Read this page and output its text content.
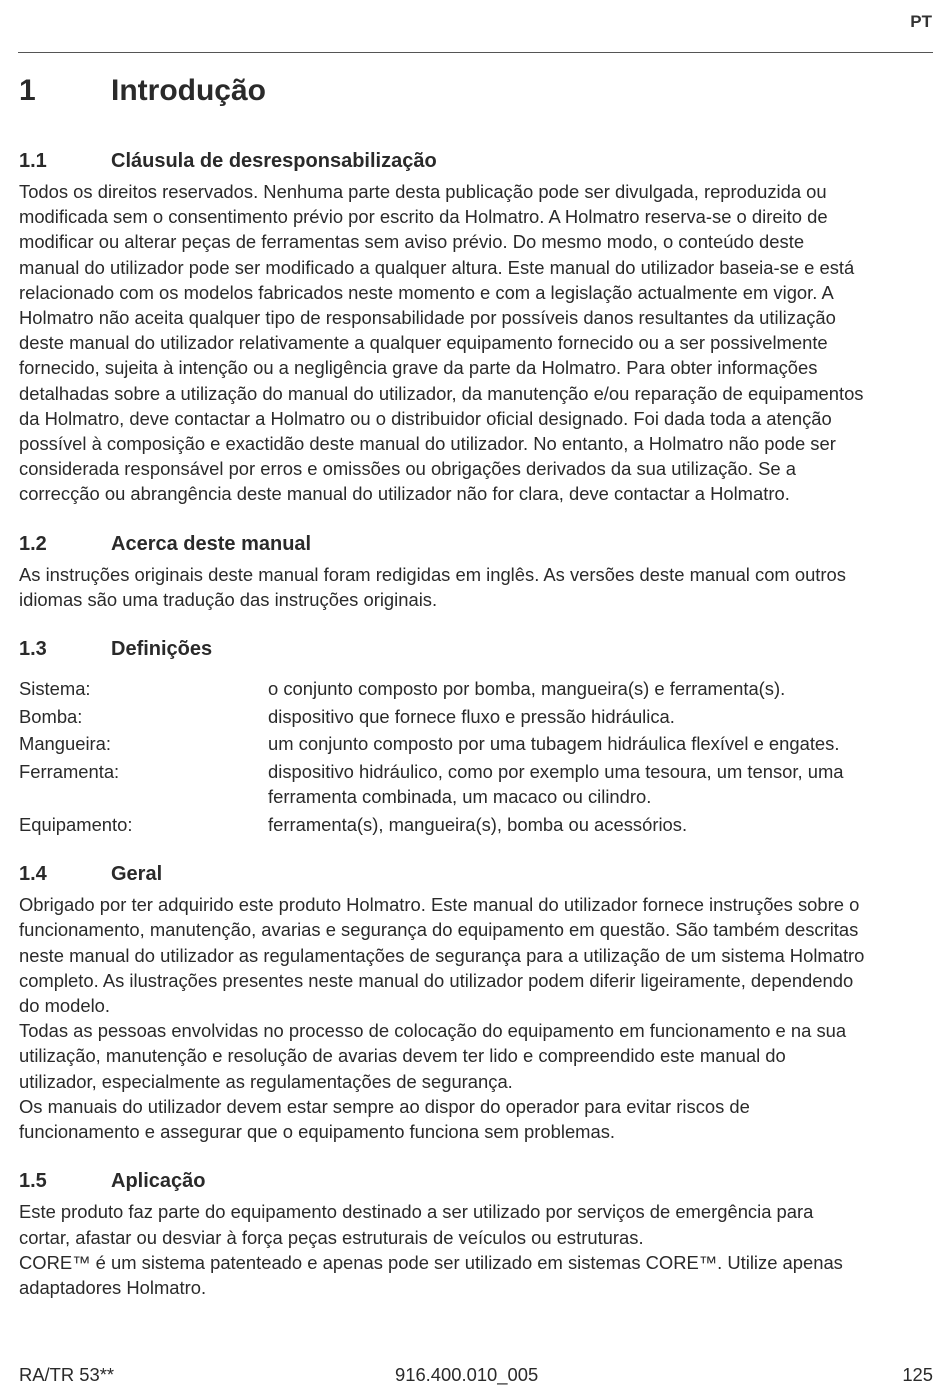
PT
1	Introdução
1.1	Cláusula de desresponsabilização

Todos os direitos reservados. Nenhuma parte desta publicação pode ser divulgada, reproduzida ou
modificada sem o consentimento prévio por escrito da Holmatro. A Holmatro reserva-se o direito de
modificar ou alterar peças de ferramentas sem aviso prévio. Do mesmo modo, o conteúdo deste
manual do utilizador pode ser modificado a qualquer altura. Este manual do utilizador baseia-se e está
relacionado com os modelos fabricados neste momento e com a legislação actualmente em vigor. A
Holmatro não aceita qualquer tipo de responsabilidade por possíveis danos resultantes da utilização
deste manual do utilizador relativamente a qualquer equipamento fornecido ou a ser possivelmente
fornecido, sujeita à intenção ou a negligência grave da parte da Holmatro. Para obter informações
detalhadas sobre a utilização do manual do utilizador, da manutenção e/ou reparação de equipamentos
da Holmatro, deve contactar a Holmatro ou o distribuidor oficial designado. Foi dada toda a atenção
possível à composição e exactidão deste manual do utilizador. No entanto, a Holmatro não pode ser
considerada responsável por erros e omissões ou obrigações derivados da sua utilização. Se a
correcção ou abrangência deste manual do utilizador não for clara, deve contactar a Holmatro.

1.2	Acerca deste manual

As instruções originais deste manual foram redigidas em inglês. As versões deste manual com outros
idiomas são uma tradução das instruções originais.

1.3	Definições
Sistema:	o conjunto composto por bomba, mangueira(s) e ferramenta(s).
Bomba:	dispositivo que fornece fluxo e pressão hidráulica.
Mangueira:	um conjunto composto por uma tubagem hidráulica flexível e engates.
Ferramenta:	dispositivo hidráulico, como por exemplo uma tesoura, um tensor, uma
ferramenta combinada, um macaco ou cilindro.
Equipamento:	ferramenta(s), mangueira(s), bomba ou acessórios.
1.4	Geral

Obrigado por ter adquirido este produto Holmatro. Este manual do utilizador fornece instruções sobre o
funcionamento, manutenção, avarias e segurança do equipamento em questão. São também descritas
neste manual do utilizador as regulamentações de segurança para a utilização de um sistema Holmatro
completo. As ilustrações presentes neste manual do utilizador podem diferir ligeiramente, dependendo
do modelo.
Todas as pessoas envolvidas no processo de colocação do equipamento em funcionamento e na sua
utilização, manutenção e resolução de avarias devem ter lido e compreendido este manual do
utilizador, especialmente as regulamentações de segurança.
Os manuais do utilizador devem estar sempre ao dispor do operador para evitar riscos de
funcionamento e assegurar que o equipamento funciona sem problemas.

1.5	Aplicação

Este produto faz parte do equipamento destinado a ser utilizado por serviços de emergência para
cortar, afastar ou desviar à força peças estruturais de veículos ou estruturas.
CORE™ é um sistema patenteado e apenas pode ser utilizado em sistemas CORE™. Utilize apenas
adaptadores Holmatro.

RA/TR 53**	916.400.010_005	125
